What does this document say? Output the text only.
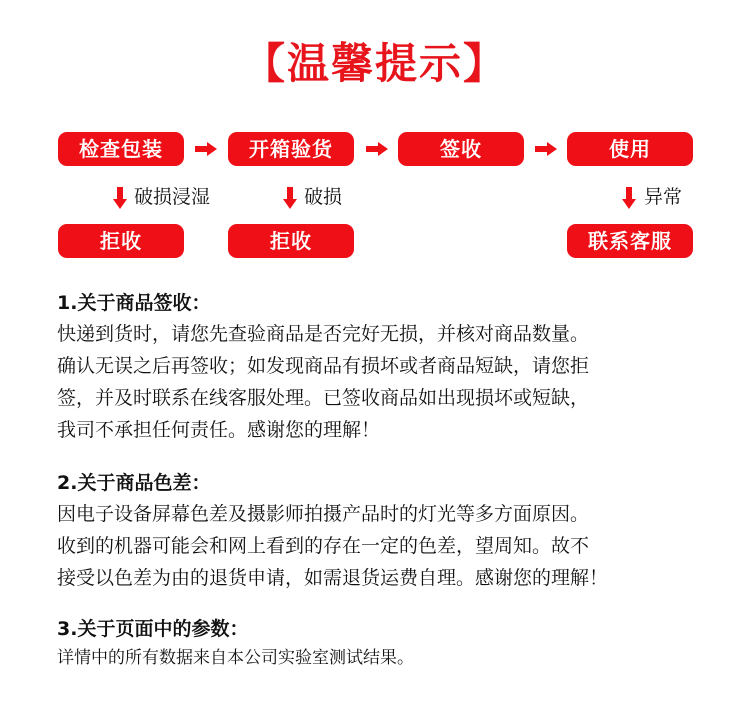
【温馨提示】
检查包装	开箱验货	签收	使用
破损浸湿	破损	异常
拒收	拒收	联系客服
1.关于商品签收：

快递到货时，请您先查验商品是否完好无损，并核对商品数量。

确认无误之后再签收；如发现商品有损坏或者商品短缺，请您拒

签，并及时联系在线客服处理。已签收商品如出现损坏或短缺，

我司不承担任何责任。感谢您的理解！

2.关于商品色差：

因电子设备屏幕色差及摄影师拍摄产品时的灯光等多方面原因。

收到的机器可能会和网上看到的存在一定的色差，望周知。故不

接受以色差为由的退货申请，如需退货运费自理。感谢您的理解！

3.关于页面中的参数：

详情中的所有数据来自本公司实验室测试结果。
